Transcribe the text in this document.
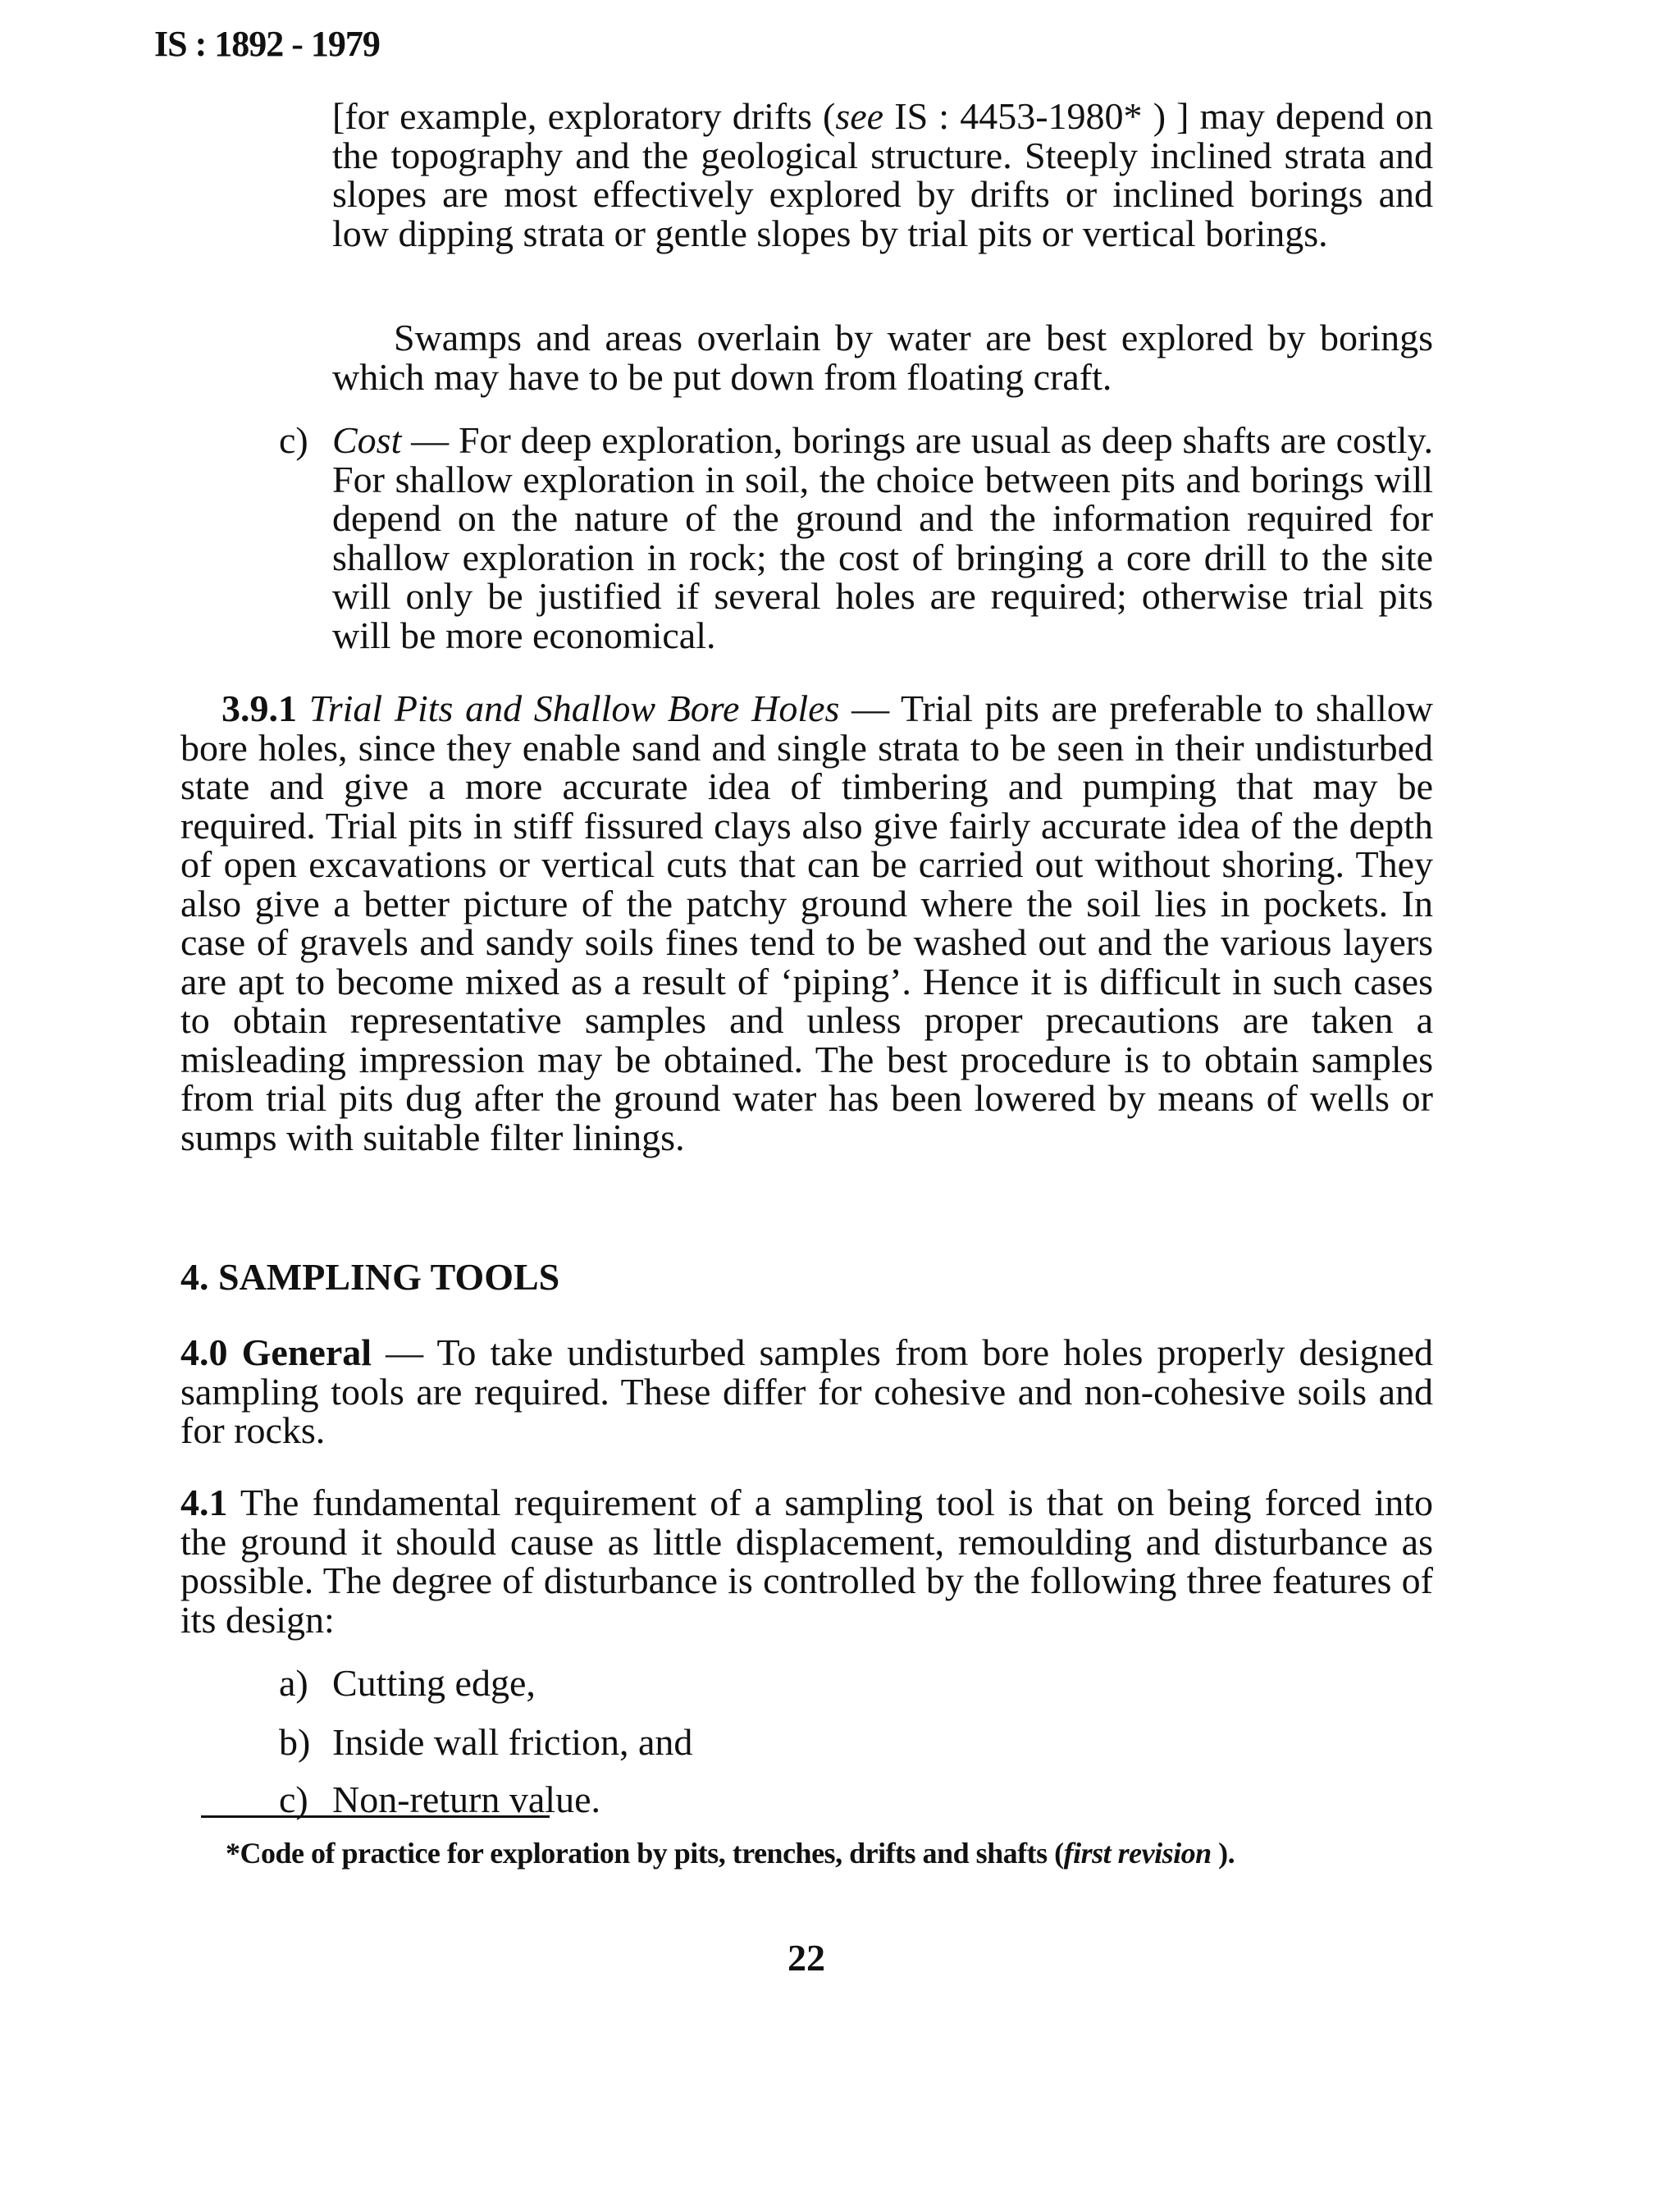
IS : 1892 - 1979

[for example, exploratory drifts (see IS : 4453-1980* ) ] may depend on the topography and the geological structure. Steeply inclined strata and slopes are most effectively explored by drifts or inclined borings and low dipping strata or gentle slopes by trial pits or vertical borings.

Swamps and areas overlain by water are best explored by borings which may have to be put down from floating craft.

c) Cost — For deep exploration, borings are usual as deep shafts are costly. For shallow exploration in soil, the choice between pits and borings will depend on the nature of the ground and the information required for shallow exploration in rock; the cost of bringing a core drill to the site will only be justified if several holes are required; otherwise trial pits will be more economical.

3.9.1 Trial Pits and Shallow Bore Holes — Trial pits are preferable to shallow bore holes, since they enable sand and single strata to be seen in their undisturbed state and give a more accurate idea of timbering and pumping that may be required. Trial pits in stiff fissured clays also give fairly accurate idea of the depth of open excavations or vertical cuts that can be carried out without shoring. They also give a better picture of the patchy ground where the soil lies in pockets. In case of gravels and sandy soils fines tend to be washed out and the various layers are apt to become mixed as a result of ‘piping’. Hence it is difficult in such cases to obtain representative samples and unless proper precautions are taken a misleading impression may be obtained. The best procedure is to obtain samples from trial pits dug after the ground water has been lowered by means of wells or sumps with suitable filter linings.

4. SAMPLING TOOLS

4.0 General — To take undisturbed samples from bore holes properly designed sampling tools are required. These differ for cohesive and non-cohesive soils and for rocks.

4.1 The fundamental requirement of a sampling tool is that on being forced into the ground it should cause as little displacement, remoulding and disturbance as possible. The degree of disturbance is controlled by the following three features of its design:

a) Cutting edge,
b) Inside wall friction, and
c) Non-return value.
*Code of practice for exploration by pits, trenches, drifts and shafts (first revision ).
22
